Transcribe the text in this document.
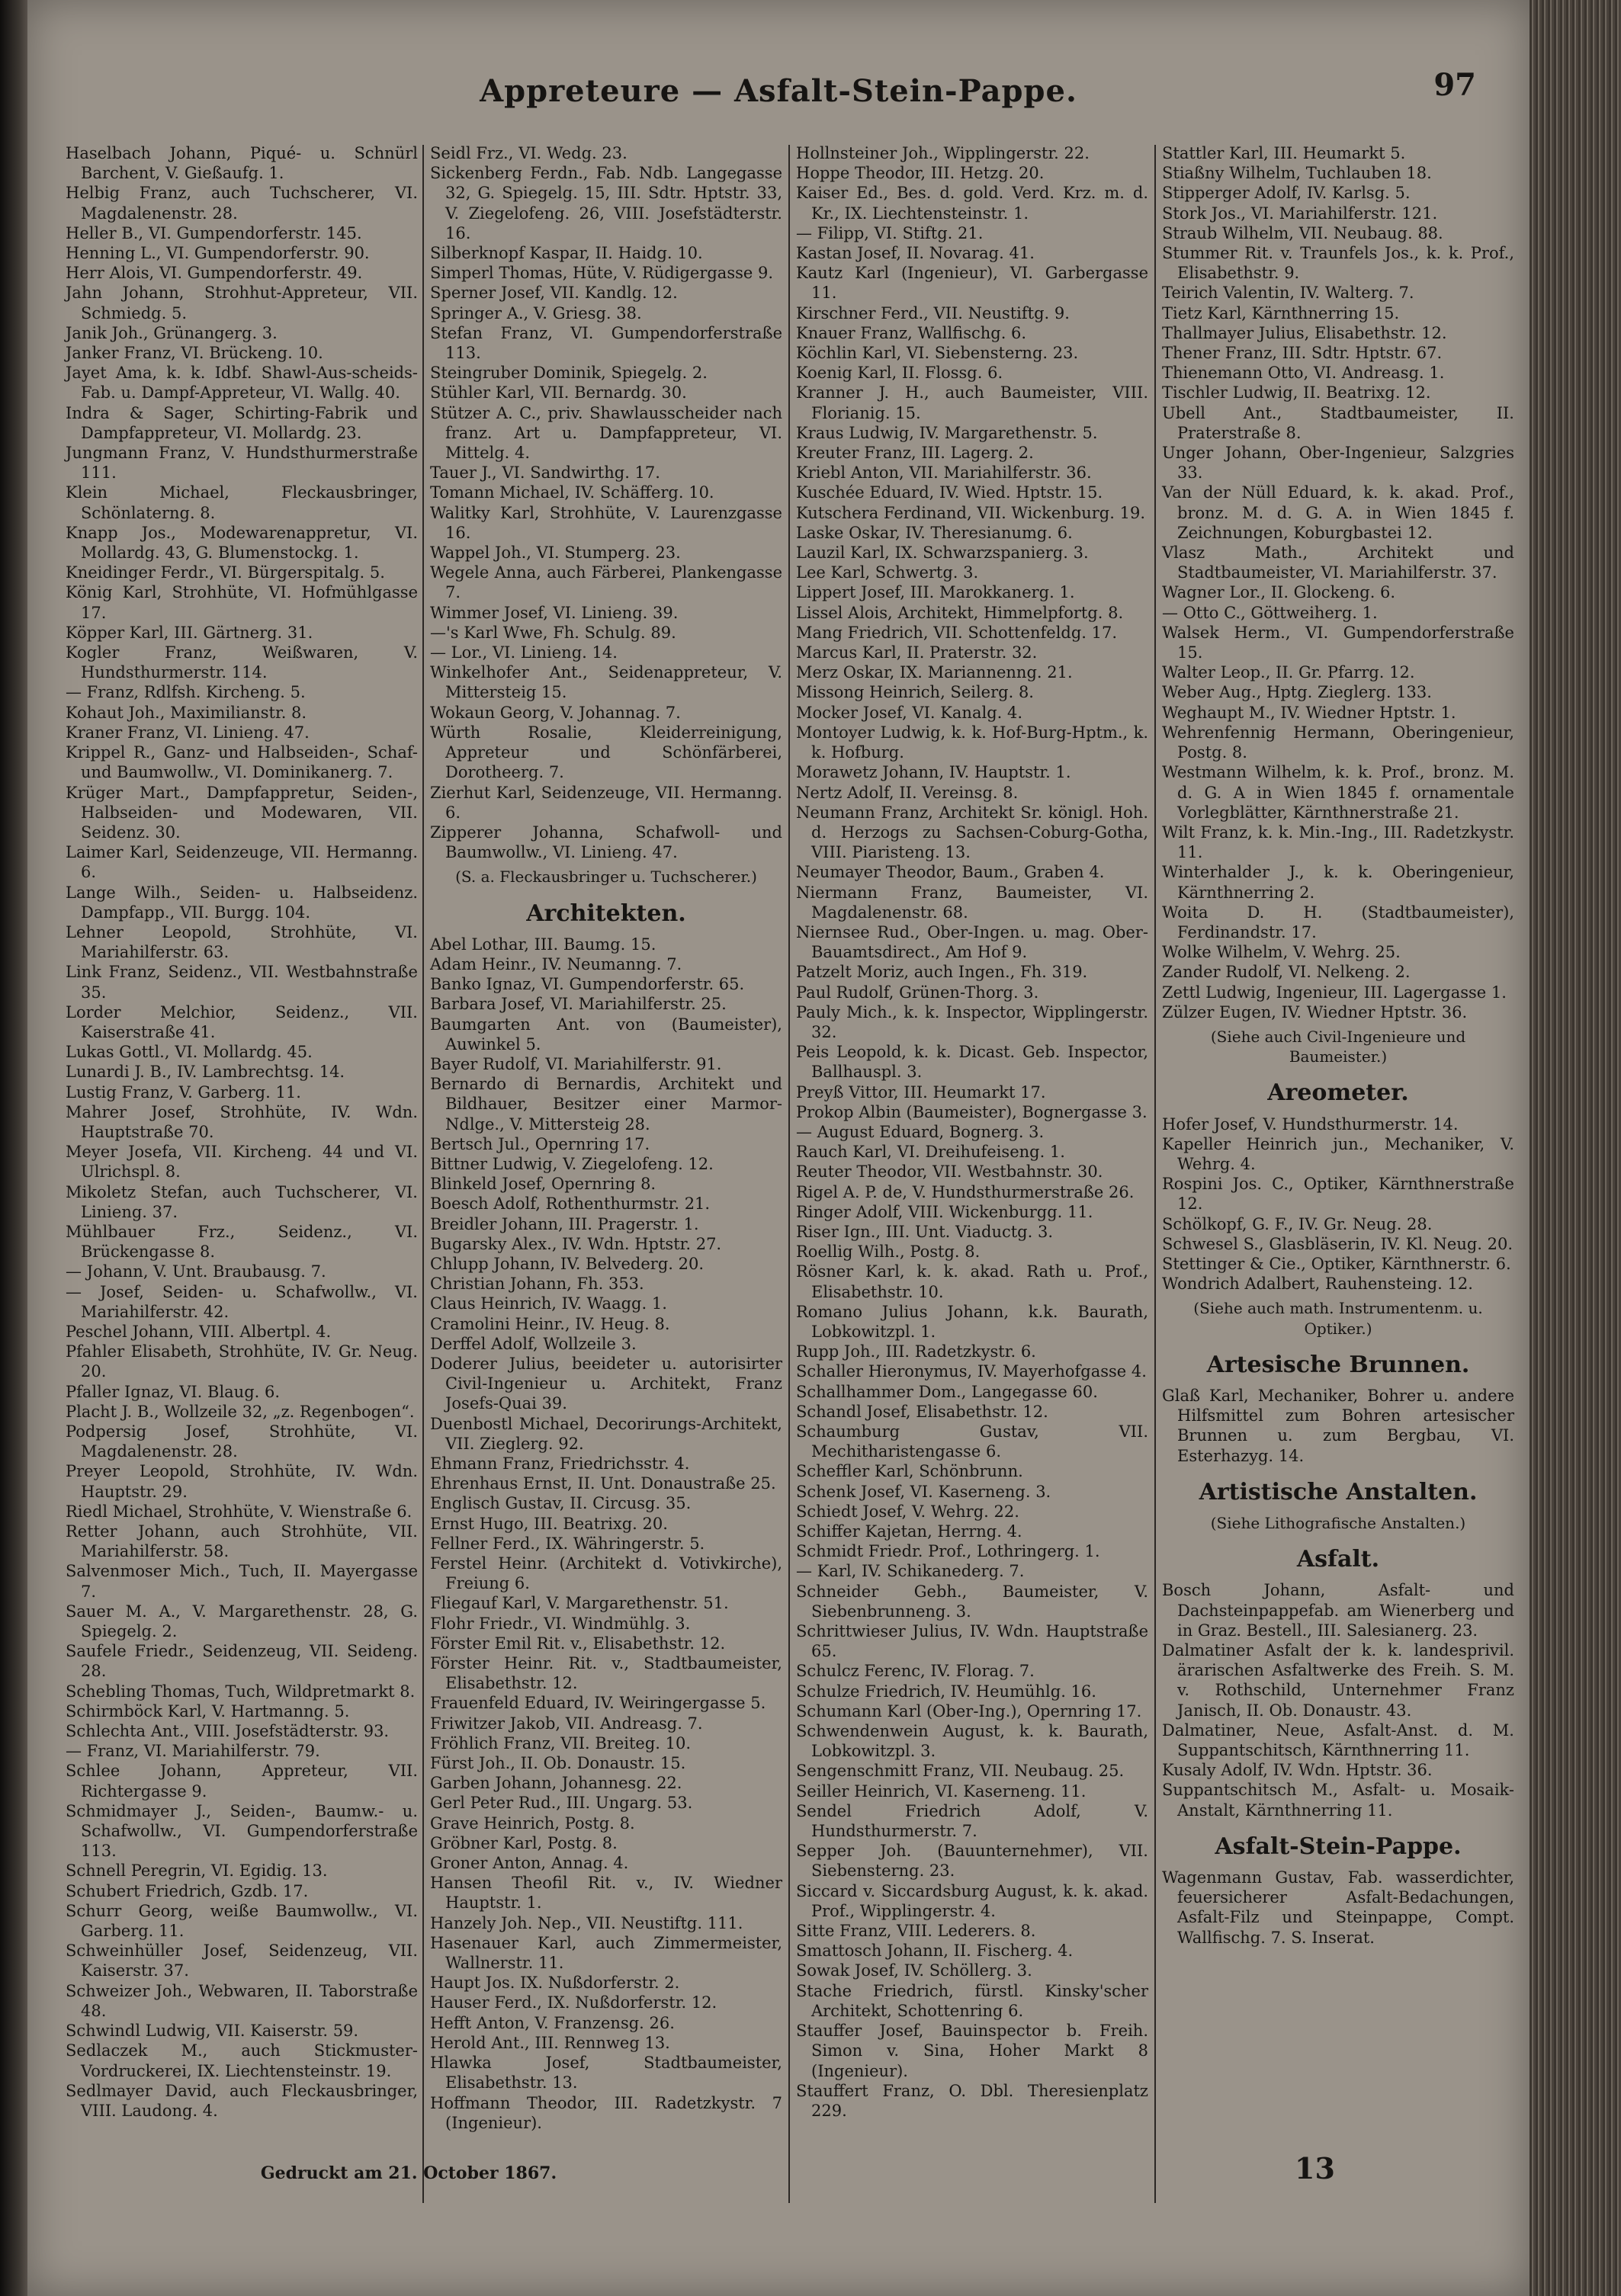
Appreteure — Asfalt-Stein-Pappe.	97

Haselbach Johann, Piqué- u. Schnürl Barchent, V. Gießaufg. 1.

Helbig Franz, auch Tuchscherer, VI. Magdalenenstr. 28.

Heller B., VI. Gumpendorferstr. 145.

Henning L., VI. Gumpendorferstr. 90.

Herr Alois, VI. Gumpendorferstr. 49.

Jahn Johann, Strohhut-Appreteur, VII. Schmiedg. 5.

Janik Joh., Grünangerg. 3.

Janker Franz, VI. Brückeng. 10.

Jayet Ama, k. k. Idbf. Shawl-Aus-scheids-Fab. u. Dampf-Appreteur, VI. Wallg. 40.

Indra & Sager, Schirting-Fabrik und Dampfappreteur, VI. Mollardg. 23.

Jungmann Franz, V. Hundsthurmerstraße 111.

Klein Michael, Fleckausbringer, Schönlaterng. 8.

Knapp Jos., Modewarenappretur, VI. Mollardg. 43, G. Blumenstockg. 1.

Kneidinger Ferdr., VI. Bürgerspitalg. 5.

König Karl, Strohhüte, VI. Hofmühlgasse 17.

Köpper Karl, III. Gärtnerg. 31.

Kogler Franz, Weißwaren, V. Hundsthurmerstr. 114.

— Franz, Rdlfsh. Kircheng. 5.

Kohaut Joh., Maximilianstr. 8.

Kraner Franz, VI. Linieng. 47.

Krippel R., Ganz- und Halbseiden-, Schaf- und Baumwollw., VI. Dominikanerg. 7.

Krüger Mart., Dampfappretur, Seiden-, Halbseiden- und Modewaren, VII. Seidenz. 30.

Laimer Karl, Seidenzeuge, VII. Hermanng. 6.

Lange Wilh., Seiden- u. Halbseidenz. Dampfapp., VII. Burgg. 104.

Lehner Leopold, Strohhüte, VI. Mariahilferstr. 63.

Link Franz, Seidenz., VII. Westbahnstraße 35.

Lorder Melchior, Seidenz., VII. Kaiserstraße 41.

Lukas Gottl., VI. Mollardg. 45.

Lunardi J. B., IV. Lambrechtsg. 14.

Lustig Franz, V. Garberg. 11.

Mahrer Josef, Strohhüte, IV. Wdn. Hauptstraße 70.

Meyer Josefa, VII. Kircheng. 44 und VI. Ulrichspl. 8.

Mikoletz Stefan, auch Tuchscherer, VI. Linieng. 37.

Mühlbauer Frz., Seidenz., VI. Brückengasse 8.

— Johann, V. Unt. Braubausg. 7.

— Josef, Seiden- u. Schafwollw., VI. Mariahilferstr. 42.

Peschel Johann, VIII. Albertpl. 4.

Pfahler Elisabeth, Strohhüte, IV. Gr. Neug. 20.

Pfaller Ignaz, VI. Blaug. 6.

Placht J. B., Wollzeile 32, „z. Regenbogen“.

Podpersig Josef, Strohhüte, VI. Magdalenenstr. 28.

Preyer Leopold, Strohhüte, IV. Wdn. Hauptstr. 29.

Riedl Michael, Strohhüte, V. Wienstraße 6.

Retter Johann, auch Strohhüte, VII. Mariahilferstr. 58.

Salvenmoser Mich., Tuch, II. Mayergasse 7.

Sauer M. A., V. Margarethenstr. 28, G. Spiegelg. 2.

Saufele Friedr., Seidenzeug, VII. Seideng. 28.

Schebling Thomas, Tuch, Wildpretmarkt 8.

Schirmböck Karl, V. Hartmanng. 5.

Schlechta Ant., VIII. Josefstädterstr. 93.

— Franz, VI. Mariahilferstr. 79.

Schlee Johann, Appreteur, VII. Richtergasse 9.

Schmidmayer J., Seiden-, Baumw.- u. Schafwollw., VI. Gumpendorferstraße 113.

Schnell Peregrin, VI. Egidig. 13.

Schubert Friedrich, Gzdb. 17.

Schurr Georg, weiße Baumwollw., VI. Garberg. 11.

Schweinhüller Josef, Seidenzeug, VII. Kaiserstr. 37.

Schweizer Joh., Webwaren, II. Taborstraße 48.

Schwindl Ludwig, VII. Kaiserstr. 59.

Sedlaczek M., auch Stickmuster-Vordruckerei, IX. Liechtensteinstr. 19.

Sedlmayer David, auch Fleckausbringer, VIII. Laudong. 4.

Seidl Frz., VI. Wedg. 23.

Sickenberg Ferdn., Fab. Ndb. Langegasse 32, G. Spiegelg. 15, III. Sdtr. Hptstr. 33, V. Ziegelofeng. 26, VIII. Josefstädterstr. 16.

Silberknopf Kaspar, II. Haidg. 10.

Simperl Thomas, Hüte, V. Rüdigergasse 9.

Sperner Josef, VII. Kandlg. 12.

Springer A., V. Griesg. 38.

Stefan Franz, VI. Gumpendorferstraße 113.

Steingruber Dominik, Spiegelg. 2.

Stühler Karl, VII. Bernardg. 30.

Stützer A. C., priv. Shawlausscheider nach franz. Art u. Dampfappreteur, VI. Mittelg. 4.

Tauer J., VI. Sandwirthg. 17.

Tomann Michael, IV. Schäfferg. 10.

Walitky Karl, Strohhüte, V. Laurenzgasse 16.

Wappel Joh., VI. Stumperg. 23.

Wegele Anna, auch Färberei, Plankengasse 7.

Wimmer Josef, VI. Linieng. 39.

—'s Karl Wwe, Fh. Schulg. 89.

— Lor., VI. Linieng. 14.

Winkelhofer Ant., Seidenappreteur, V. Mittersteig 15.

Wokaun Georg, V. Johannag. 7.

Würth Rosalie, Kleiderreinigung, Appreteur und Schönfärberei, Dorotheerg. 7.

Zierhut Karl, Seidenzeuge, VII. Hermanng. 6.

Zipperer Johanna, Schafwoll- und Baumwollw., VI. Linieng. 47.

(S. a. Fleckausbringer u. Tuchscherer.)
Architekten.

Abel Lothar, III. Baumg. 15.

Adam Heinr., IV. Neumanng. 7.

Banko Ignaz, VI. Gumpendorferstr. 65.

Barbara Josef, VI. Mariahilferstr. 25.

Baumgarten Ant. von (Baumeister), Auwinkel 5.

Bayer Rudolf, VI. Mariahilferstr. 91.

Bernardo di Bernardis, Architekt und Bildhauer, Besitzer einer Marmor-Ndlge., V. Mittersteig 28.

Bertsch Jul., Opernring 17.

Bittner Ludwig, V. Ziegelofeng. 12.

Blinkeld Josef, Opernring 8.

Boesch Adolf, Rothenthurmstr. 21.

Breidler Johann, III. Pragerstr. 1.

Bugarsky Alex., IV. Wdn. Hptstr. 27.

Chlupp Johann, IV. Belvederg. 20.

Christian Johann, Fh. 353.

Claus Heinrich, IV. Waagg. 1.

Cramolini Heinr., IV. Heug. 8.

Derffel Adolf, Wollzeile 3.

Doderer Julius, beeideter u. autorisirter Civil-Ingenieur u. Architekt, Franz Josefs-Quai 39.

Duenbostl Michael, Decorirungs-Architekt, VII. Zieglerg. 92.

Ehmann Franz, Friedrichsstr. 4.

Ehrenhaus Ernst, II. Unt. Donaustraße 25.

Englisch Gustav, II. Circusg. 35.

Ernst Hugo, III. Beatrixg. 20.

Fellner Ferd., IX. Währingerstr. 5.

Ferstel Heinr. (Architekt d. Votivkirche), Freiung 6.

Fliegauf Karl, V. Margarethenstr. 51.

Flohr Friedr., VI. Windmühlg. 3.

Förster Emil Rit. v., Elisabethstr. 12.

Förster Heinr. Rit. v., Stadtbaumeister, Elisabethstr. 12.

Frauenfeld Eduard, IV. Weiringergasse 5.

Friwitzer Jakob, VII. Andreasg. 7.

Fröhlich Franz, VII. Breiteg. 10.

Fürst Joh., II. Ob. Donaustr. 15.

Garben Johann, Johannesg. 22.

Gerl Peter Rud., III. Ungarg. 53.

Grave Heinrich, Postg. 8.

Gröbner Karl, Postg. 8.

Groner Anton, Annag. 4.

Hansen Theofil Rit. v., IV. Wiedner Hauptstr. 1.

Hanzely Joh. Nep., VII. Neustiftg. 111.

Hasenauer Karl, auch Zimmermeister, Wallnerstr. 11.

Haupt Jos. IX. Nußdorferstr. 2.

Hauser Ferd., IX. Nußdorferstr. 12.

Hefft Anton, V. Franzensg. 26.

Herold Ant., III. Rennweg 13.

Hlawka Josef, Stadtbaumeister, Elisabethstr. 13.

Hoffmann Theodor, III. Radetzkystr. 7 (Ingenieur).

Hollnsteiner Joh., Wipplingerstr. 22.

Hoppe Theodor, III. Hetzg. 20.

Kaiser Ed., Bes. d. gold. Verd. Krz. m. d. Kr., IX. Liechtensteinstr. 1.

— Filipp, VI. Stiftg. 21.

Kastan Josef, II. Novarag. 41.

Kautz Karl (Ingenieur), VI. Garbergasse 11.

Kirschner Ferd., VII. Neustiftg. 9.

Knauer Franz, Wallfischg. 6.

Köchlin Karl, VI. Siebensterng. 23.

Koenig Karl, II. Flossg. 6.

Kranner J. H., auch Baumeister, VIII. Florianig. 15.

Kraus Ludwig, IV. Margarethenstr. 5.

Kreuter Franz, III. Lagerg. 2.

Kriebl Anton, VII. Mariahilferstr. 36.

Kuschée Eduard, IV. Wied. Hptstr. 15.

Kutschera Ferdinand, VII. Wickenburg. 19.

Laske Oskar, IV. Theresianumg. 6.

Lauzil Karl, IX. Schwarzspanierg. 3.

Lee Karl, Schwertg. 3.

Lippert Josef, III. Marokkanerg. 1.

Lissel Alois, Architekt, Himmelpfortg. 8.

Mang Friedrich, VII. Schottenfeldg. 17.

Marcus Karl, II. Praterstr. 32.

Merz Oskar, IX. Mariannenng. 21.

Missong Heinrich, Seilerg. 8.

Mocker Josef, VI. Kanalg. 4.

Montoyer Ludwig, k. k. Hof-Burg-Hptm., k. k. Hofburg.

Morawetz Johann, IV. Hauptstr. 1.

Nertz Adolf, II. Vereinsg. 8.

Neumann Franz, Architekt Sr. königl. Hoh. d. Herzogs zu Sachsen-Coburg-Gotha, VIII. Piaristeng. 13.

Neumayer Theodor, Baum., Graben 4.

Niermann Franz, Baumeister, VI. Magdalenenstr. 68.

Niernsee Rud., Ober-Ingen. u. mag. Ober-Bauamtsdirect., Am Hof 9.

Patzelt Moriz, auch Ingen., Fh. 319.

Paul Rudolf, Grünen-Thorg. 3.

Pauly Mich., k. k. Inspector, Wipplingerstr. 32.

Peis Leopold, k. k. Dicast. Geb. Inspector, Ballhauspl. 3.

Preyß Vittor, III. Heumarkt 17.

Prokop Albin (Baumeister), Bognergasse 3.

— August Eduard, Bognerg. 3.

Rauch Karl, VI. Dreihufeiseng. 1.

Reuter Theodor, VII. Westbahnstr. 30.

Rigel A. P. de, V. Hundsthurmerstraße 26.

Ringer Adolf, VIII. Wickenburgg. 11.

Riser Ign., III. Unt. Viaductg. 3.

Roellig Wilh., Postg. 8.

Rösner Karl, k. k. akad. Rath u. Prof., Elisabethstr. 10.

Romano Julius Johann, k.k. Baurath, Lobkowitzpl. 1.

Rupp Joh., III. Radetzkystr. 6.

Schaller Hieronymus, IV. Mayerhofgasse 4.

Schallhammer Dom., Langegasse 60.

Schandl Josef, Elisabethstr. 12.

Schaumburg Gustav, VII. Mechitharistengasse 6.

Scheffler Karl, Schönbrunn.

Schenk Josef, VI. Kaserneng. 3.

Schiedt Josef, V. Wehrg. 22.

Schiffer Kajetan, Herrng. 4.

Schmidt Friedr. Prof., Lothringerg. 1.

— Karl, IV. Schikanederg. 7.

Schneider Gebh., Baumeister, V. Siebenbrunneng. 3.

Schrittwieser Julius, IV. Wdn. Hauptstraße 65.

Schulcz Ferenc, IV. Florag. 7.

Schulze Friedrich, IV. Heumühlg. 16.

Schumann Karl (Ober-Ing.), Opernring 17.

Schwendenwein August, k. k. Baurath, Lobkowitzpl. 3.

Sengenschmitt Franz, VII. Neubaug. 25.

Seiller Heinrich, VI. Kaserneng. 11.

Sendel Friedrich Adolf, V. Hundsthurmerstr. 7.

Sepper Joh. (Bauunternehmer), VII. Siebensterng. 23.

Siccard v. Siccardsburg August, k. k. akad. Prof., Wipplingerstr. 4.

Sitte Franz, VIII. Lederers. 8.

Smattosch Johann, II. Fischerg. 4.

Sowak Josef, IV. Schöllerg. 3.

Stache Friedrich, fürstl. Kinsky'scher Architekt, Schottenring 6.

Stauffer Josef, Bauinspector b. Freih. Simon v. Sina, Hoher Markt 8 (Ingenieur).

Stauffert Franz, O. Dbl. Theresienplatz 229.

Stattler Karl, III. Heumarkt 5.

Stiaßny Wilhelm, Tuchlauben 18.

Stipperger Adolf, IV. Karlsg. 5.

Stork Jos., VI. Mariahilferstr. 121.

Straub Wilhelm, VII. Neubaug. 88.

Stummer Rit. v. Traunfels Jos., k. k. Prof., Elisabethstr. 9.

Teirich Valentin, IV. Walterg. 7.

Tietz Karl, Kärnthnerring 15.

Thallmayer Julius, Elisabethstr. 12.

Thener Franz, III. Sdtr. Hptstr. 67.

Thienemann Otto, VI. Andreasg. 1.

Tischler Ludwig, II. Beatrixg. 12.

Ubell Ant., Stadtbaumeister, II. Praterstraße 8.

Unger Johann, Ober-Ingenieur, Salzgries 33.

Van der Nüll Eduard, k. k. akad. Prof., bronz. M. d. G. A. in Wien 1845 f. Zeichnungen, Koburgbastei 12.

Vlasz Math., Architekt und Stadtbaumeister, VI. Mariahilferstr. 37.

Wagner Lor., II. Glockeng. 6.

— Otto C., Göttweiherg. 1.

Walsek Herm., VI. Gumpendorferstraße 15.

Walter Leop., II. Gr. Pfarrg. 12.

Weber Aug., Hptg. Zieglerg. 133.

Weghaupt M., IV. Wiedner Hptstr. 1.

Wehrenfennig Hermann, Oberingenieur, Postg. 8.

Westmann Wilhelm, k. k. Prof., bronz. M. d. G. A in Wien 1845 f. ornamentale Vorlegblätter, Kärnthnerstraße 21.

Wilt Franz, k. k. Min.-Ing., III. Radetzkystr. 11.

Winterhalder J., k. k. Oberingenieur, Kärnthnerring 2.

Woita D. H. (Stadtbaumeister), Ferdinandstr. 17.

Wolke Wilhelm, V. Wehrg. 25.

Zander Rudolf, VI. Nelkeng. 2.

Zettl Ludwig, Ingenieur, III. Lagergasse 1.

Zülzer Eugen, IV. Wiedner Hptstr. 36.

(Siehe auch Civil-Ingenieure und Baumeister.)
Areometer.

Hofer Josef, V. Hundsthurmerstr. 14.

Kapeller Heinrich jun., Mechaniker, V. Wehrg. 4.

Rospini Jos. C., Optiker, Kärnthnerstraße 12.

Schölkopf, G. F., IV. Gr. Neug. 28.

Schwesel S., Glasbläserin, IV. Kl. Neug. 20.

Stettinger & Cie., Optiker, Kärnthnerstr. 6.

Wondrich Adalbert, Rauhensteing. 12.

(Siehe auch math. Instrumentenm. u. Optiker.)
Artesische Brunnen.

Glaß Karl, Mechaniker, Bohrer u. andere Hilfsmittel zum Bohren artesischer Brunnen u. zum Bergbau, VI. Esterhazyg. 14.

Artistische Anstalten.
(Siehe Lithografische Anstalten.)
Asfalt.

Bosch Johann, Asfalt- und Dachsteinpappefab. am Wienerberg und in Graz. Bestell., III. Salesianerg. 23.

Dalmatiner Asfalt der k. k. landesprivil. ärarischen Asfaltwerke des Freih. S. M. v. Rothschild, Unternehmer Franz Janisch, II. Ob. Donaustr. 43.

Dalmatiner, Neue, Asfalt-Anst. d. M. Suppantschitsch, Kärnthnerring 11.

Kusaly Adolf, IV. Wdn. Hptstr. 36.

Suppantschitsch M., Asfalt- u. Mosaik-Anstalt, Kärnthnerring 11.

Asfalt-Stein-Pappe.

Wagenmann Gustav, Fab. wasserdichter, feuersicherer Asfalt-Bedachungen, Asfalt-Filz und Steinpappe, Compt. Wallfischg. 7. S. Inserat.

Gedruckt am 21. October 1867.	13
